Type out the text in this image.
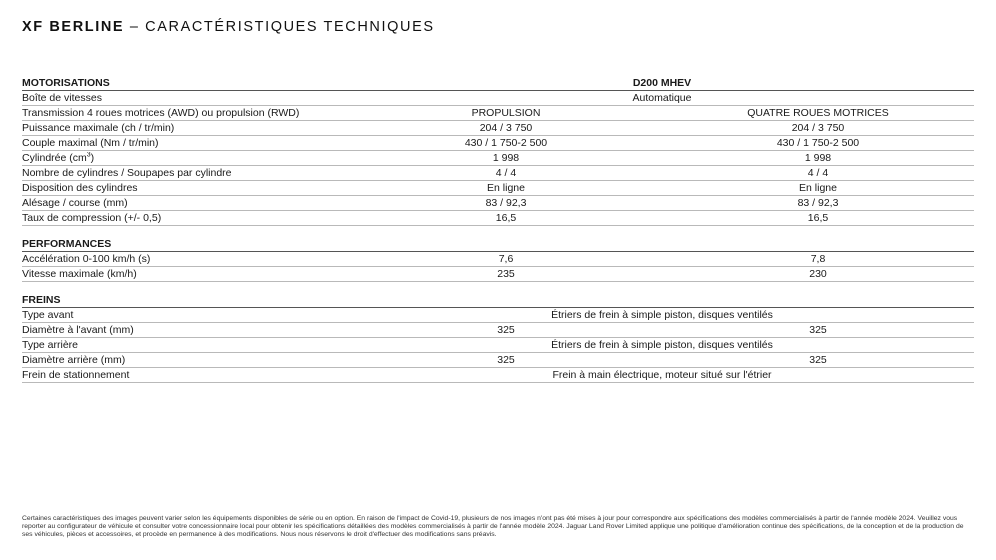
XF BERLINE – CARACTÉRISTIQUES TECHNIQUES
MOTORISATIONS	D200 MHEV
Boîte de vitesses	Automatique
Transmission 4 roues motrices (AWD) ou propulsion (RWD)	PROPULSION	QUATRE ROUES MOTRICES
Puissance maximale (ch / tr/min)	204 / 3 750	204 / 3 750
Couple maximal (Nm / tr/min)	430 / 1 750-2 500	430 / 1 750-2 500
Cylindrée $(cm^3)$	1 998	1 998
Nombre de cylindres / Soupapes par cylindre	4 / 4	4 / 4
Disposition des cylindres	En ligne	En ligne
Alésage / course (mm)	83 / 92,3	83 / 92,3
Taux de compression (+/- 0,5)	16,5	16,5
PERFORMANCES
Accélération 0-100 km/h (s)	7,6	7,8
Vitesse maximale (km/h)	235	230
FREINS
Type avant	Étriers de frein à simple piston, disques ventilés
Diamètre à l'avant (mm)	325	325
Type arrière	Étriers de frein à simple piston, disques ventilés
Diamètre arrière (mm)	325	325
Frein de stationnement	Frein à main électrique, moteur situé sur l'étrier
Certaines caractéristiques des images peuvent varier selon les équipements disponibles de série ou en option. En raison de l'impact de Covid-19, plusieurs de nos images n'ont pas été mises à jour pour correspondre aux spécifications des modèles commercialisés à partir de l'année modèle 2024. Veuillez vous reporter au configurateur de véhicule et consulter votre concessionnaire local pour obtenir les spécifications détaillées des modèles commercialisés à partir de l'année modèle 2024. Jaguar Land Rover Limited applique une politique d'amélioration continue des spécifications, de la conception et de la production de ses véhicules, pièces et accessoires, et procède en permanence à des modifications. Nous nous réservons le droit d'effectuer des modifications sans préavis.
